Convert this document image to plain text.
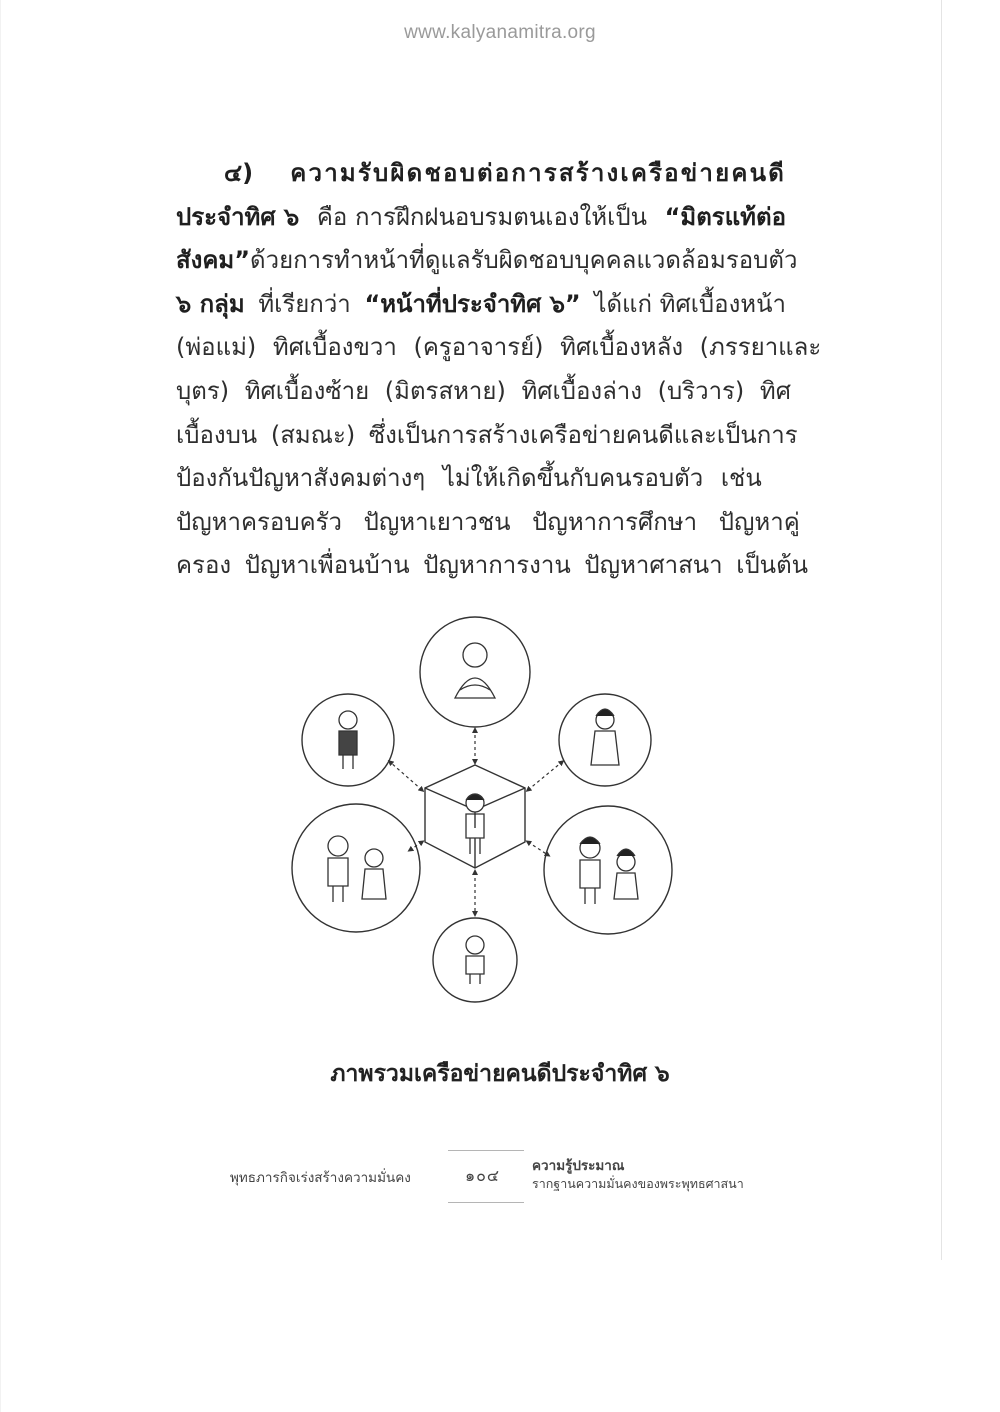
www.kalyanamitra.org
๔) ความรับผิดชอบต่อการสร้างเครือข่ายคนดี
ประจำทิศ ๖ คือ การฝึกฝนอบรมตนเองให้เป็น “มิตรแท้ต่อ
สังคม” ด้วยการทำหน้าที่ดูแลรับผิดชอบบุคคลแวดล้อมรอบตัว
๖ กลุ่ม ที่เรียกว่า “หน้าที่ประจำทิศ ๖” ได้แก่ ทิศเบื้องหน้า
(พ่อแม่) ทิศเบื้องขวา (ครูอาจารย์) ทิศเบื้องหลัง (ภรรยาและ
บุตร) ทิศเบื้องซ้าย (มิตรสหาย) ทิศเบื้องล่าง (บริวาร) ทิศ
เบื้องบน (สมณะ) ซึ่งเป็นการสร้างเครือข่ายคนดีและเป็นการ
ป้องกันปัญหาสังคมต่างๆ ไม่ให้เกิดขึ้นกับคนรอบตัว เช่น
ปัญหาครอบครัว ปัญหาเยาวชน ปัญหาการศึกษา ปัญหาคู่
ครอง ปัญหาเพื่อนบ้าน ปัญหาการงาน ปัญหาศาสนา เป็นต้น
ภาพรวมเครือข่ายคนดีประจำทิศ ๖
พุทธภารกิจเร่งสร้างความมั่นคง	๑๐๔ ความรู้ประมาณ
รากฐานความมั่นคงของพระพุทธศาสนา
